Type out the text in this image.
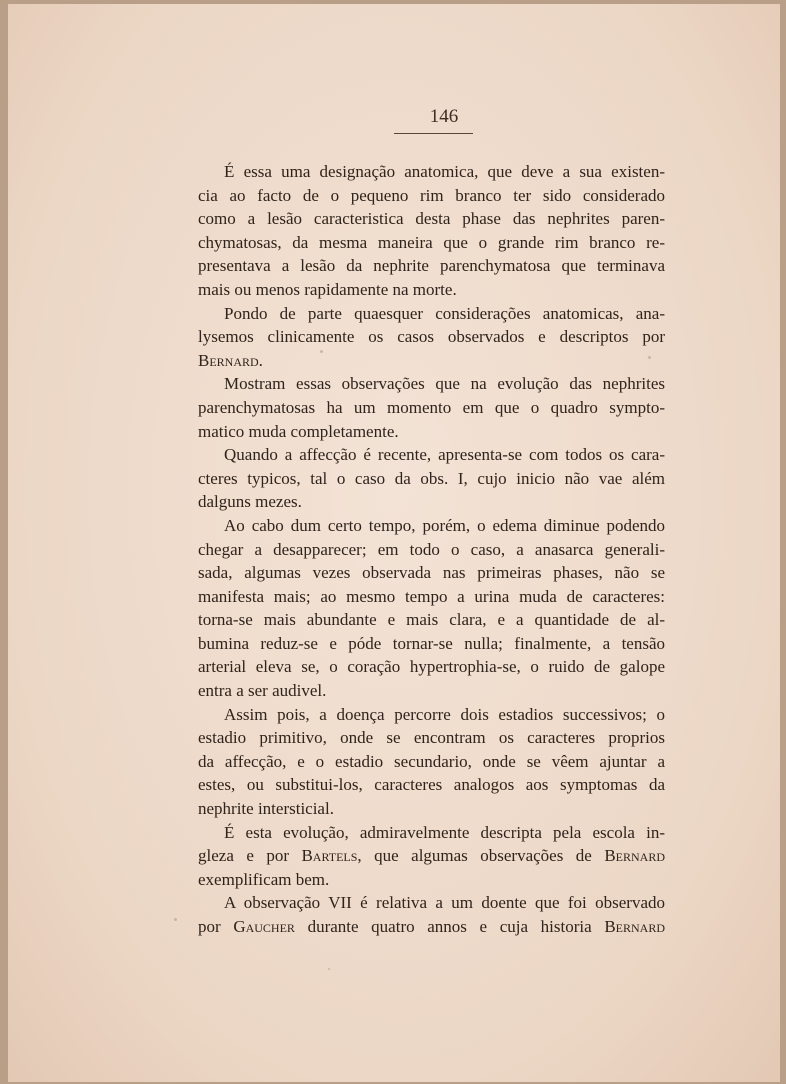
146
É essa uma designação anatomica, que deve a sua existen-
cia ao facto de o pequeno rim branco ter sido considerado
como a lesão caracteristica desta phase das nephrites paren-
chymatosas, da mesma maneira que o grande rim branco re-
presentava a lesão da nephrite parenchymatosa que terminava
mais ou menos rapidamente na morte.
Pondo de parte quaesquer considerações anatomicas, ana-
lysemos clinicamente os casos observados e descriptos por
Bernard.
Mostram essas observações que na evolução das nephrites
parenchymatosas ha um momento em que o quadro sympto-
matico muda completamente.
Quando a affecção é recente, apresenta-se com todos os cara-
cteres typicos, tal o caso da obs. I, cujo inicio não vae além
dalguns mezes.
Ao cabo dum certo tempo, porém, o edema diminue podendo
chegar a desapparecer; em todo o caso, a anasarca generali-
sada, algumas vezes observada nas primeiras phases, não se
manifesta mais; ao mesmo tempo a urina muda de caracteres:
torna-se mais abundante e mais clara, e a quantidade de al-
bumina reduz-se e póde tornar-se nulla; finalmente, a tensão
arterial eleva se, o coração hypertrophia-se, o ruido de galope
entra a ser audivel.
Assim pois, a doença percorre dois estadios successivos; o
estadio primitivo, onde se encontram os caracteres proprios
da affecção, e o estadio secundario, onde se vêem ajuntar a
estes, ou substitui-los, caracteres analogos aos symptomas da
nephrite intersticial.
É esta evolução, admiravelmente descripta pela escola in-
gleza e por Bartels, que algumas observações de Bernard
exemplificam bem.
A observação VII é relativa a um doente que foi observado
por Gaucher durante quatro annos e cuja historia Bernard
